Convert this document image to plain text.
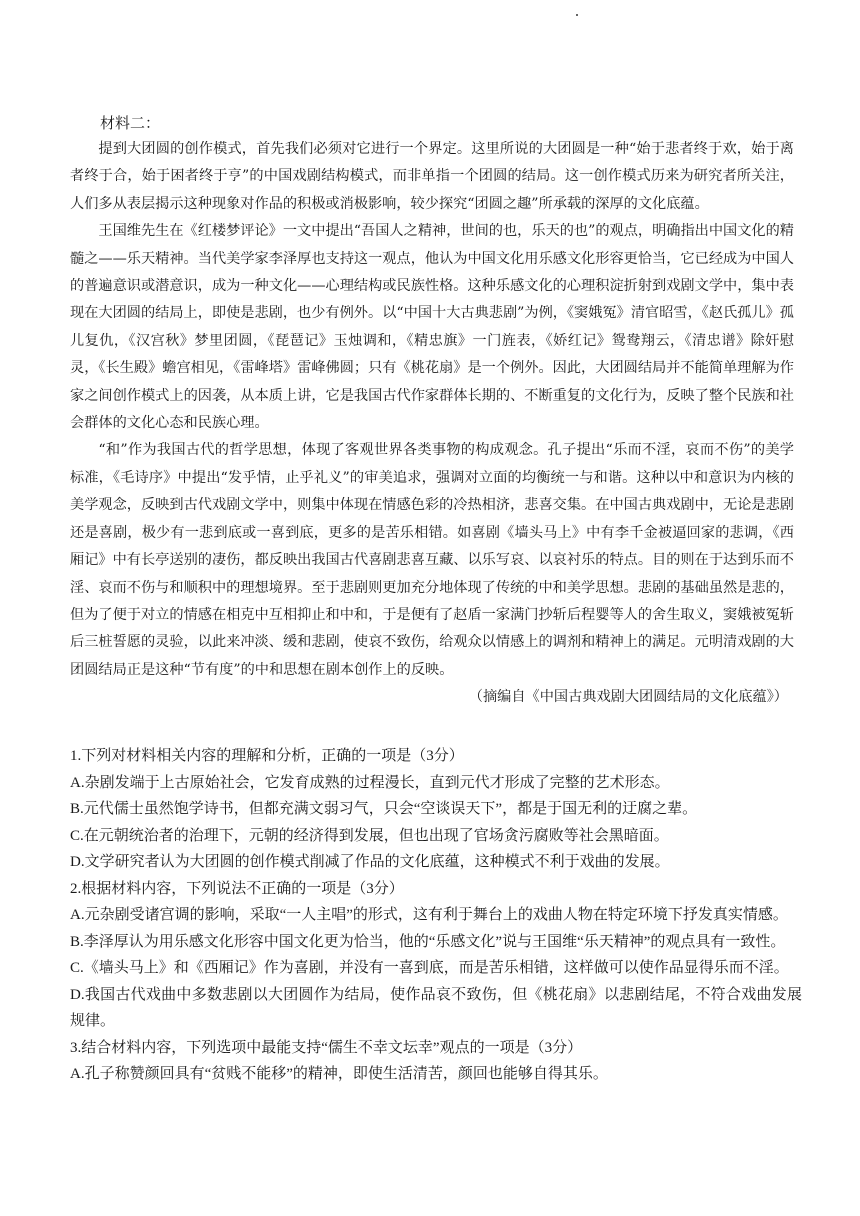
材料二：

提到大团圆的创作模式，首先我们必须对它进行一个界定。这里所说的大团圆是一种“始于悲者终于欢，始于离者终于合，始于困者终于亨”的中国戏剧结构模式，而非单指一个团圆的结局。这一创作模式历来为研究者所关注，人们多从表层揭示这种现象对作品的积极或消极影响，较少探究“团圆之趣”所承载的深厚的文化底蕴。

王国维先生在《红楼梦评论》一文中提出“吾国人之精神，世间的也，乐天的也”的观点，明确指出中国文化的精髓之——乐天精神。当代美学家李泽厚也支持这一观点，他认为中国文化用乐感文化形容更恰当，它已经成为中国人的普遍意识或潜意识，成为一种文化——心理结构或民族性格。这种乐感文化的心理积淀折射到戏剧文学中，集中表现在大团圆的结局上，即使是悲剧，也少有例外。以“中国十大古典悲剧”为例，《窦娥冤》清官昭雪，《赵氏孤儿》孤儿复仇，《汉宫秋》梦里团圆，《琵琶记》玉烛调和，《精忠旗》一门旌表，《娇红记》鸳鸯翔云，《清忠谱》除奸慰灵，《长生殿》蟾宫相见，《雷峰塔》雷峰佛圆；只有《桃花扇》是一个例外。因此，大团圆结局并不能简单理解为作家之间创作模式上的因袭，从本质上讲，它是我国古代作家群体长期的、不断重复的文化行为，反映了整个民族和社会群体的文化心态和民族心理。

“和”作为我国古代的哲学思想，体现了客观世界各类事物的构成观念。孔子提出“乐而不淫，哀而不伤”的美学标准，《毛诗序》中提出“发乎情，止乎礼义”的审美追求，强调对立面的均衡统一与和谐。这种以中和意识为内核的美学观念，反映到古代戏剧文学中，则集中体现在情感色彩的冷热相济，悲喜交集。在中国古典戏剧中，无论是悲剧还是喜剧，极少有一悲到底或一喜到底，更多的是苦乐相错。如喜剧《墙头马上》中有李千金被逼回家的悲调，《西厢记》中有长亭送别的凄伤，都反映出我国古代喜剧悲喜互藏、以乐写哀、以哀衬乐的特点。目的则在于达到乐而不淫、哀而不伤与和顺积中的理想境界。至于悲剧则更加充分地体现了传统的中和美学思想。悲剧的基础虽然是悲的，但为了便于对立的情感在相克中互相抑止和中和，于是便有了赵盾一家满门抄斩后程婴等人的舍生取义，窦娥被冤斩后三桩誓愿的灵验，以此来冲淡、缓和悲剧，使哀不致伤，给观众以情感上的调剂和精神上的满足。元明清戏剧的大团圆结局正是这种“节有度”的中和思想在剧本创作上的反映。

（摘编自《中国古典戏剧大团圆结局的文化底蕴》）

1.下列对材料相关内容的理解和分析，正确的一项是（3分）

A.杂剧发端于上古原始社会，它发育成熟的过程漫长，直到元代才形成了完整的艺术形态。

B.元代儒士虽然饱学诗书，但都充满文弱习气，只会“空谈误天下”，都是于国无利的迂腐之辈。

C.在元朝统治者的治理下，元朝的经济得到发展，但也出现了官场贪污腐败等社会黑暗面。

D.文学研究者认为大团圆的创作模式削减了作品的文化底蕴，这种模式不利于戏曲的发展。

2.根据材料内容，下列说法不正确的一项是（3分）

A.元杂剧受诸宫调的影响，采取“一人主唱”的形式，这有利于舞台上的戏曲人物在特定环境下抒发真实情感。

B.李泽厚认为用乐感文化形容中国文化更为恰当，他的“乐感文化”说与王国维“乐天精神”的观点具有一致性。

C.《墙头马上》和《西厢记》作为喜剧，并没有一喜到底，而是苦乐相错，这样做可以使作品显得乐而不淫。

D.我国古代戏曲中多数悲剧以大团圆作为结局，使作品哀不致伤，但《桃花扇》以悲剧结尾，不符合戏曲发展规律。

3.结合材料内容，下列选项中最能支持“儒生不幸文坛幸”观点的一项是（3分）

A.孔子称赞颜回具有“贫贱不能移”的精神，即使生活清苦，颜回也能够自得其乐。
